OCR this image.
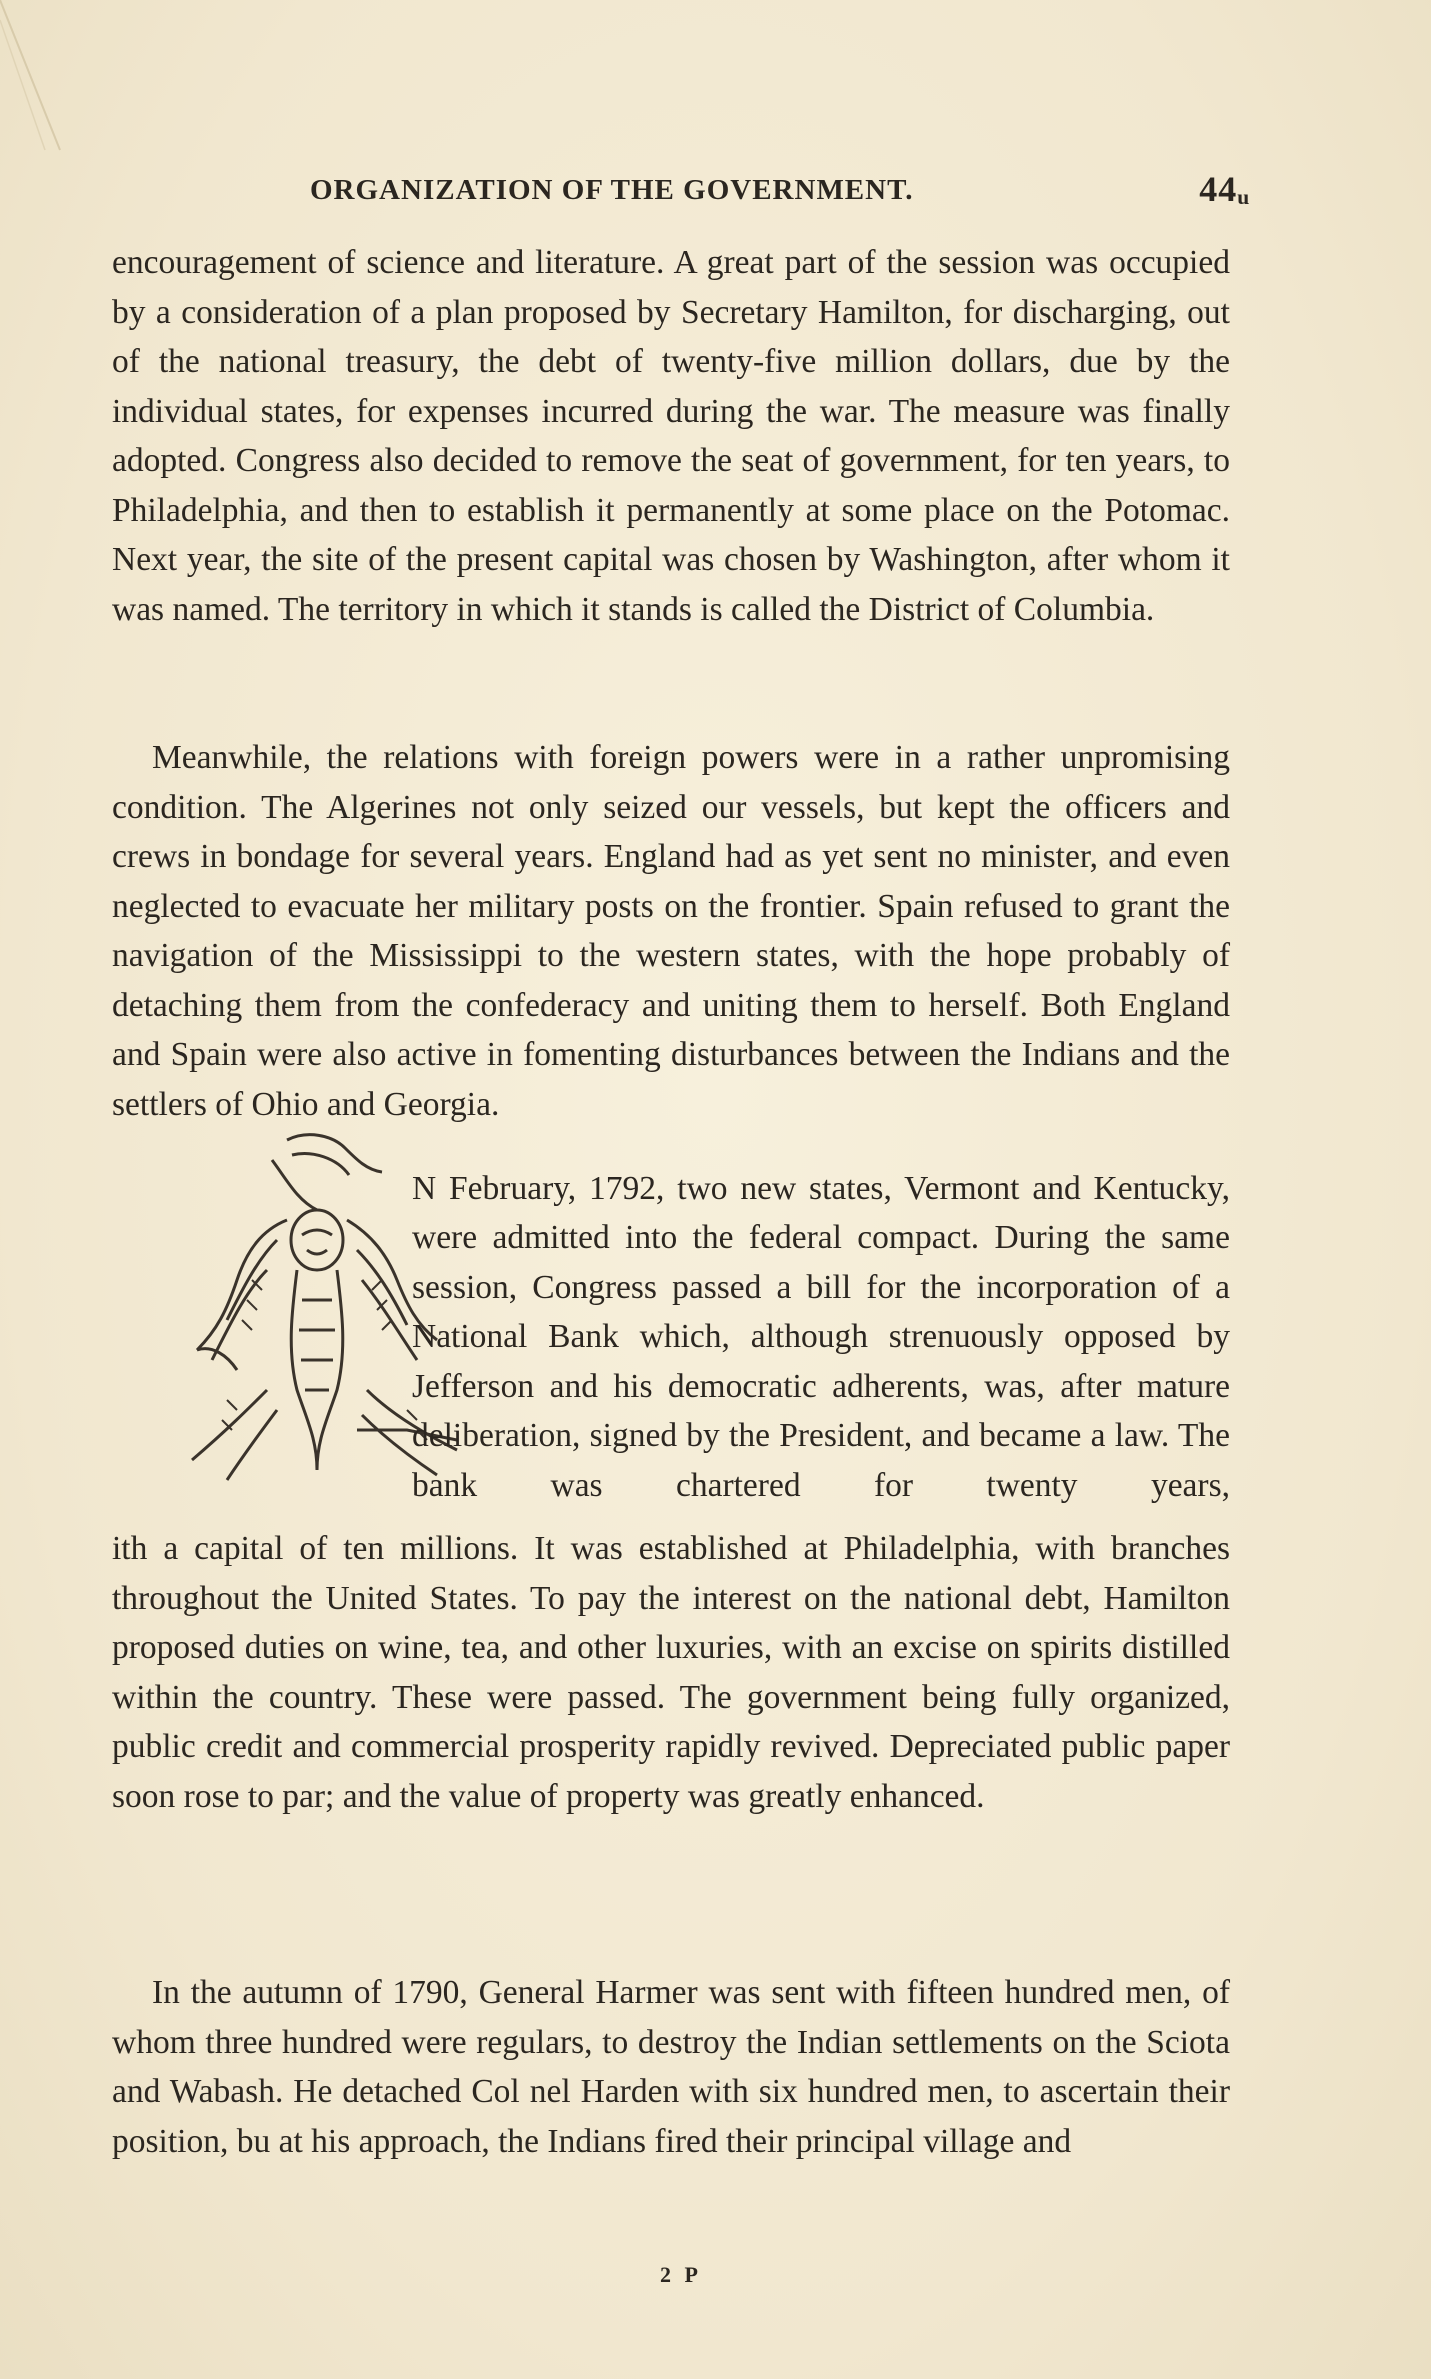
ORGANIZATION OF THE GOVERNMENT.	44ᵤ

encouragement of science and literature. A great part of the session was occupied by a consideration of a plan proposed by Secretary Hamilton, for discharging, out of the national treasury, the debt of twenty-five million dollars, due by the individual states, for expenses incurred during the war. The measure was finally adopted. Congress also decided to remove the seat of government, for ten years, to Philadelphia, and then to establish it permanently at some place on the Potomac. Next year, the site of the present capital was chosen by Washington, after whom it was named. The territory in which it stands is called the District of Columbia.

Meanwhile, the relations with foreign powers were in a rather unpromising condition. The Algerines not only seized our vessels, but kept the officers and crews in bondage for several years. England had as yet sent no minister, and even neglected to evacuate her military posts on the frontier. Spain refused to grant the navigation of the Mississippi to the western states, with the hope probably of detaching them from the confederacy and uniting them to herself. Both England and Spain were also active in fomenting disturbances between the Indians and the settlers of Ohio and Georgia.

N February, 1792, two new states, Vermont and Kentucky, were admitted into the federal compact. During the same session, Congress passed a bill for the incorporation of a National Bank which, although strenuously opposed by Jefferson and his democratic adherents, was, after mature deliberation, signed by the President, and became a law. The bank was chartered for twenty years,

ith a capital of ten millions. It was established at Philadelphia, with branches throughout the United States. To pay the interest on the national debt, Hamilton proposed duties on wine, tea, and other luxuries, with an excise on spirits distilled within the country. These were passed. The government being fully organized, public credit and commercial prosperity rapidly revived. Depreciated public paper soon rose to par; and the value of property was greatly enhanced.

In the autumn of 1790, General Harmer was sent with fifteen hundred men, of whom three hundred were regulars, to destroy the Indian settlements on the Sciota and Wabash. He detached Col nel Harden with six hundred men, to ascertain their position, bu at his approach, the Indians fired their principal village and

2 P
